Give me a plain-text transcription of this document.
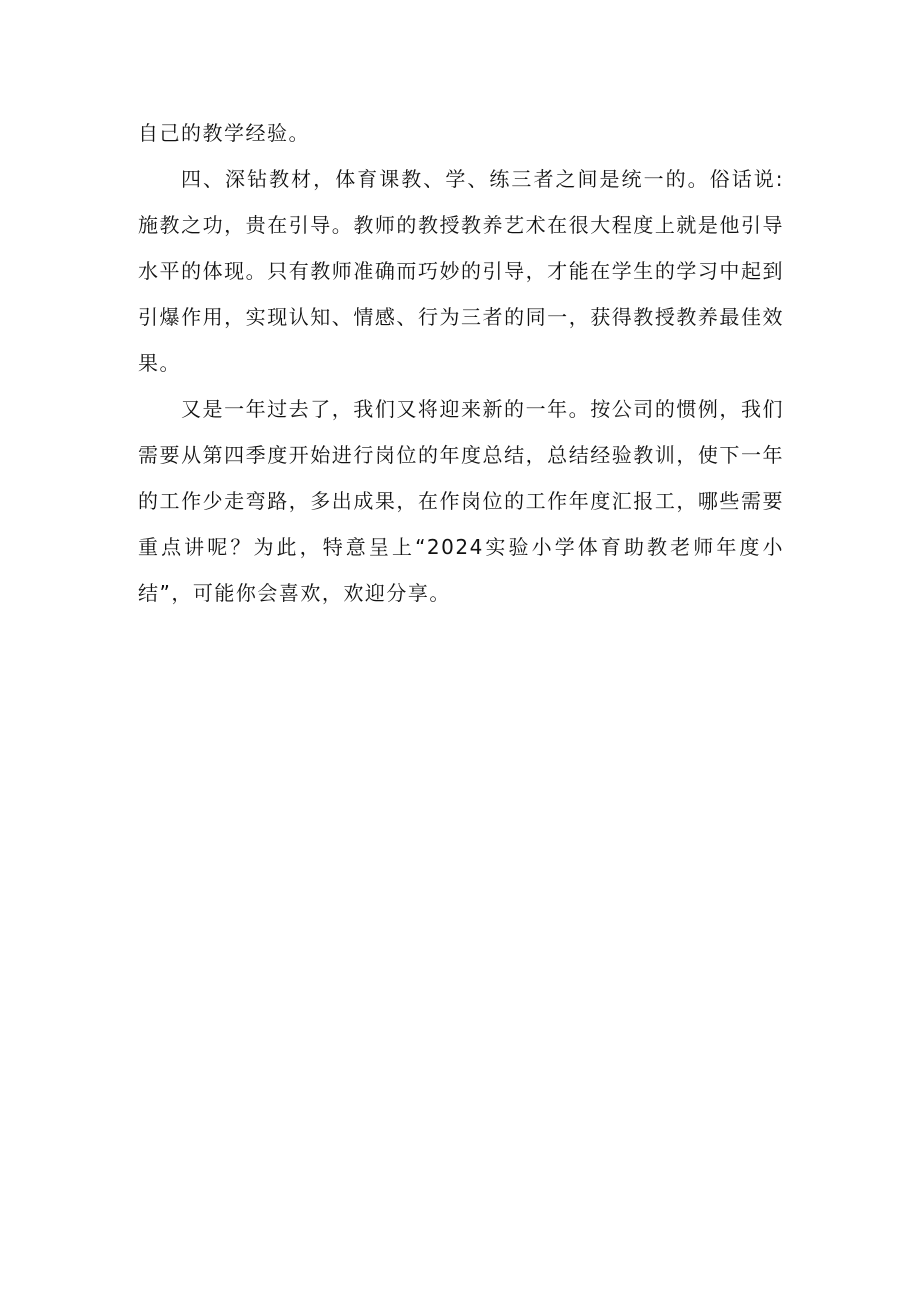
自己的教学经验。

四、深钻教材，体育课教、学、练三者之间是统一的。俗话说:施教之功，贵在引导。教师的教授教养艺术在很大程度上就是他引导水平的体现。只有教师准确而巧妙的引导，才能在学生的学习中起到引爆作用，实现认知、情感、行为三者的同一，获得教授教养最佳效果。

又是一年过去了，我们又将迎来新的一年。按公司的惯例，我们需要从第四季度开始进行岗位的年度总结，总结经验教训，使下一年的工作少走弯路，多出成果，在作岗位的工作年度汇报工，哪些需要重点讲呢？为此，特意呈上“2024实验小学体育助教老师年度小结”，可能你会喜欢，欢迎分享。
